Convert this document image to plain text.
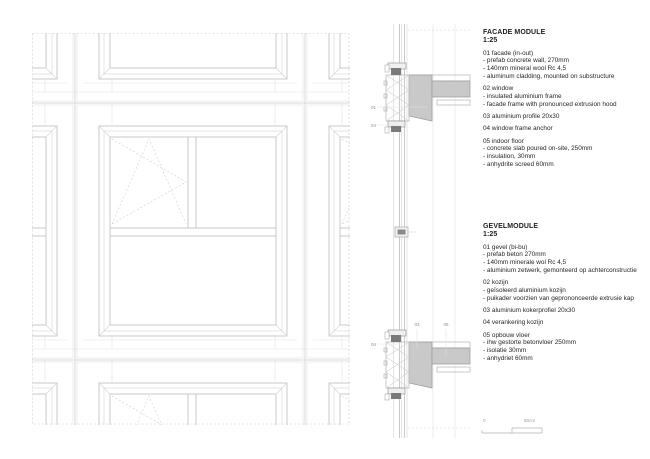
01
04
03	05
04
FACADE MODULE
1:25
01 facade (in-out)
- prefab concrete wall, 270mm
- 140mm mineral wool Rc 4,5
- aluminum cladding, mounted on substructure
02 window
- insulated aluminium frame
- facade frame with pronounced extrusion hood
03 aluminium profile 20x30
04 window frame anchor
05 indoor floor
- concrete slab poured on-site, 250mm
- insulation, 30mm
- anhydrite screed 60mm
GEVELMODULE
1:25
01 gevel (bi-bu)
- prefab beton 270mm
- 140mm minerale wol Rc 4,5
- aluminium zetwerk, gemonteerd op achterconstructie
02 kozijn
- geïsoleerd aluminium kozijn
- puikader voorzien van geprononceerde extrusie kap
03 aluminium kokerprofiel 20x30
04 verankering kozijn
05 opbouw vloer
- ihw gestorte betonvloer 250mm
- isolatie 30mm
- anhydriet 60mm
0	50cm
